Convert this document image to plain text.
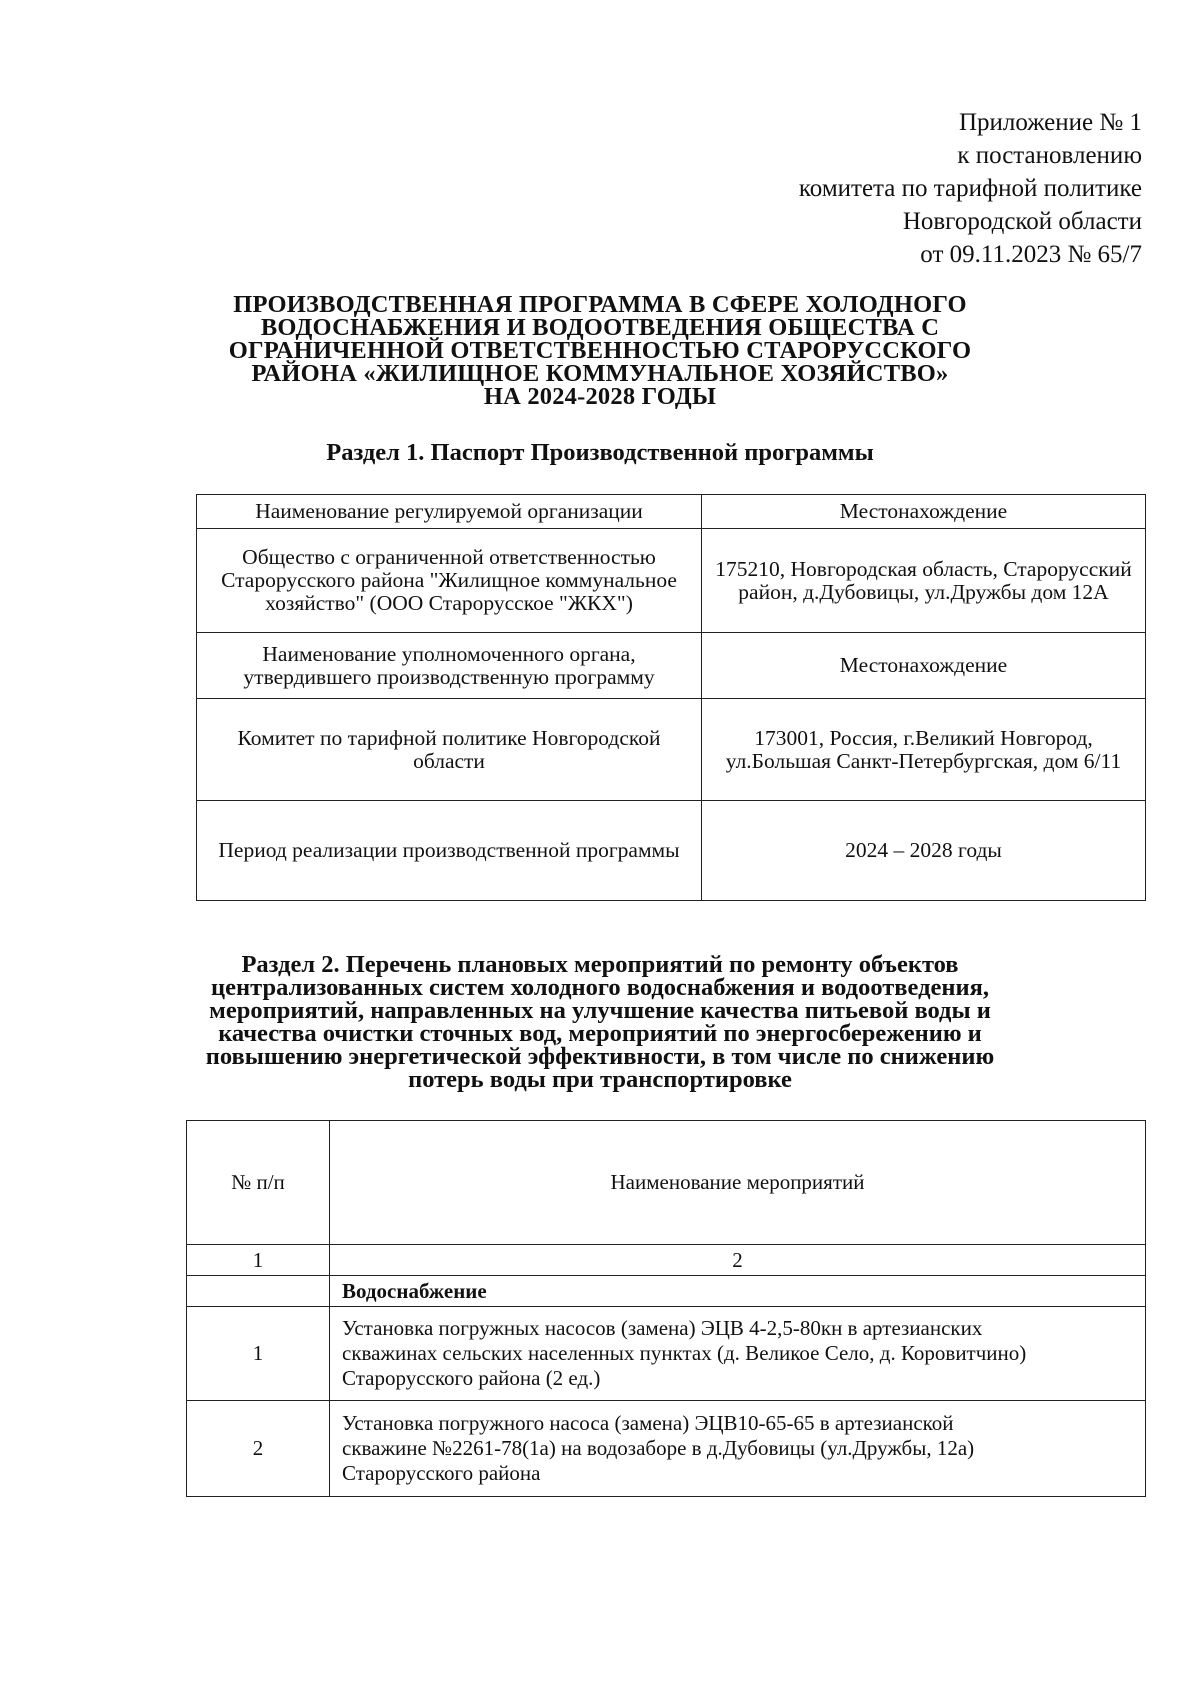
Приложение № 1
к постановлению
комитета по тарифной политике
Новгородской области
от 09.11.2023 № 65/7
ПРОИЗВОДСТВЕННАЯ ПРОГРАММА В СФЕРЕ ХОЛОДНОГО
ВОДОСНАБЖЕНИЯ И ВОДООТВЕДЕНИЯ ОБЩЕСТВА С
ОГРАНИЧЕННОЙ ОТВЕТСТВЕННОСТЬЮ СТАРОРУССКОГО
РАЙОНА «ЖИЛИЩНОЕ КОММУНАЛЬНОЕ ХОЗЯЙСТВО»
НА 2024-2028 ГОДЫ
Раздел 1. Паспорт Производственной программы
Наименование регулируемой организации	Местонахождение
Общество с ограниченной ответственностью Старорусского района "Жилищное коммунальное хозяйство" (ООО Старорусское "ЖКХ")	175210, Новгородская область, Старорусский район, д.Дубовицы, ул.Дружбы дом 12А
Наименование уполномоченного органа, утвердившего производственную программу	Местонахождение
Комитет по тарифной политике Новгородской области	173001, Россия, г.Великий Новгород, ул.Большая Санкт-Петербургская, дом 6/11
Период реализации производственной программы	2024 – 2028 годы
Раздел 2. Перечень плановых мероприятий по ремонту объектов
централизованных систем холодного водоснабжения и водоотведения,
мероприятий, направленных на улучшение качества питьевой воды и
качества очистки сточных вод, мероприятий по энергосбережению и
повышению энергетической эффективности, в том числе по снижению
потерь воды при транспортировке
№ п/п	Наименование мероприятий
1	2
	Водоснабжение
1	Установка погружных насосов (замена) ЭЦВ 4-2,5-80кн в артезианских
скважинах сельских населенных пунктах (д. Великое Село, д. Коровитчино)
Старорусского района (2 ед.)

2	Установка погружного насоса (замена) ЭЦВ10-65-65 в артезианской
скважине №2261-78(1а) на водозаборе в д.Дубовицы (ул.Дружбы, 12а)
Старорусского района
